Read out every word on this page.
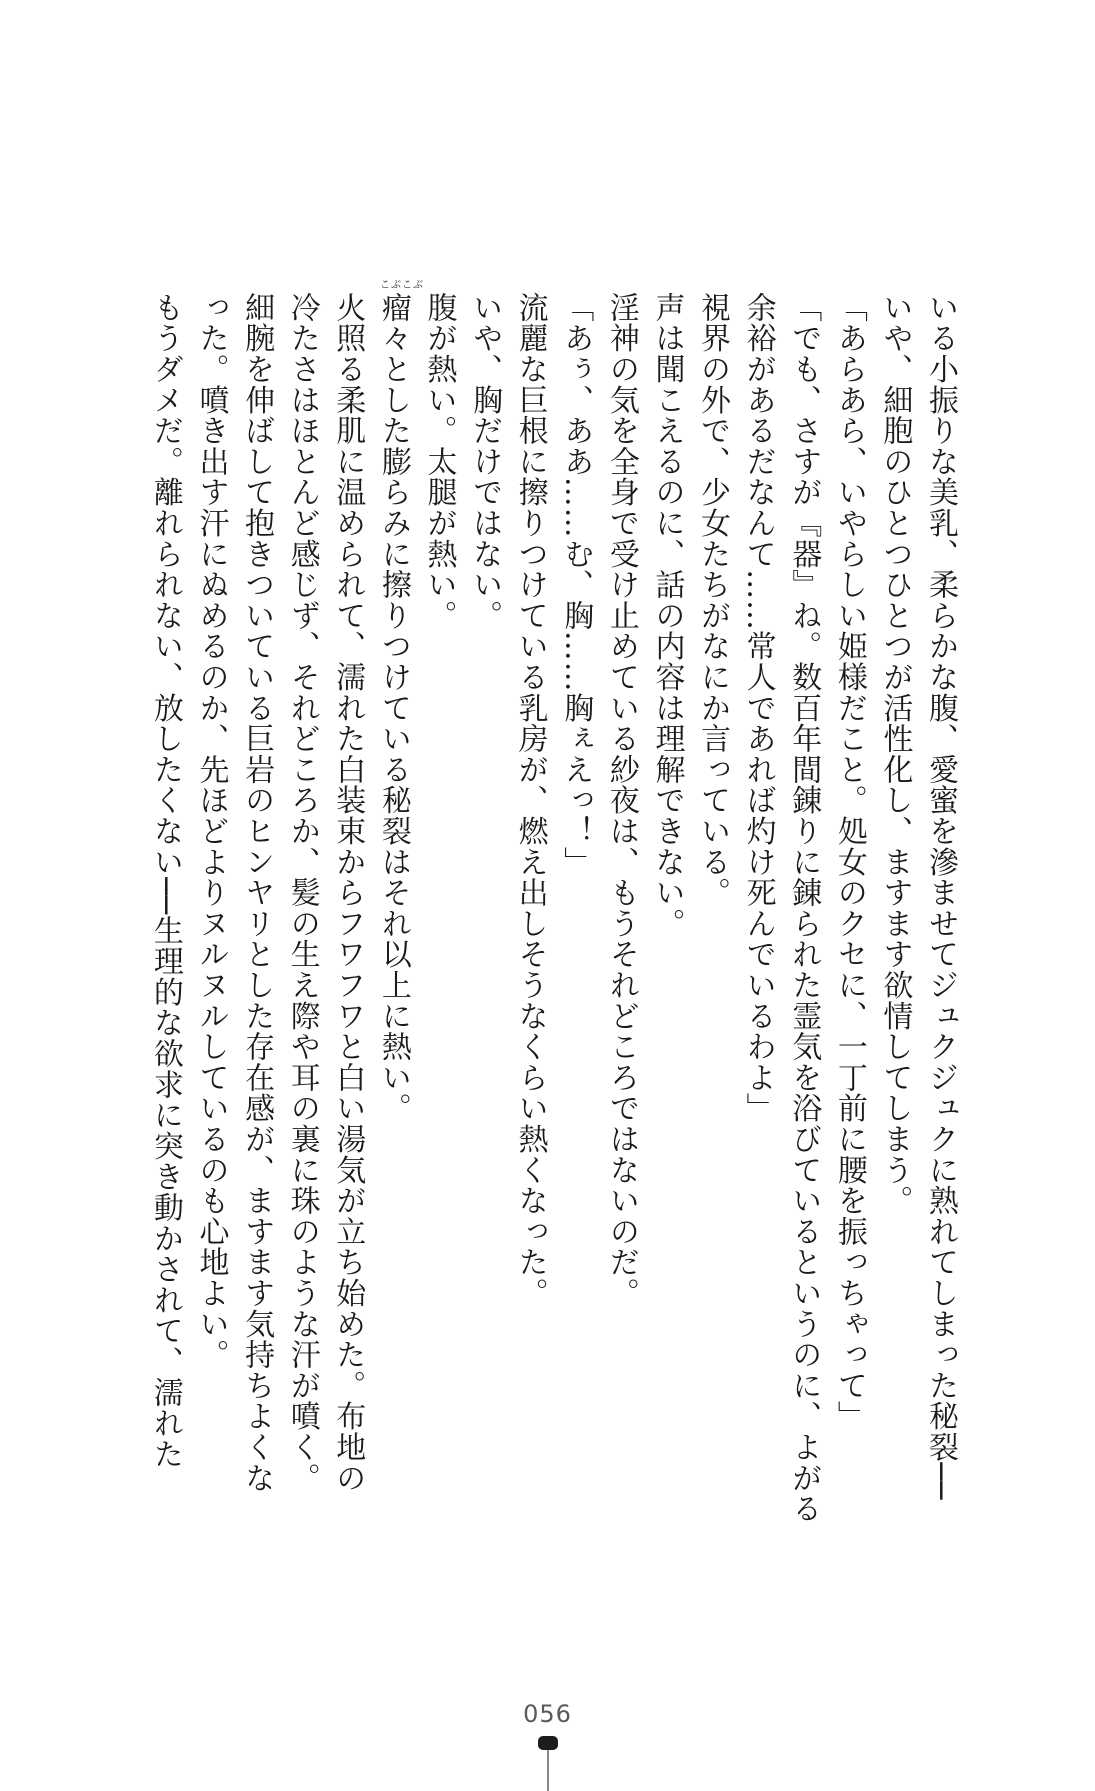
いる小振りな美乳、柔らかな腹、愛蜜を滲ませてジュクジュクに熟れてしまった秘裂──

いや、細胞のひとつひとつが活性化し、ますます欲情してしまう。

「あらあら、いやらしい姫様だこと。処女のクセに、一丁前に腰を振っちゃって」

「でも、さすが『器』ね。数百年間錬りに錬られた霊気を浴びているというのに、よがる

余裕があるだなんて……常人であれば灼け死んでいるわよ」

視界の外で、少女たちがなにか言っている。

声は聞こえるのに、話の内容は理解できない。

淫神の気を全身で受け止めている紗夜は、もうそれどころではないのだ。

「あぅ、ああ……む、胸……胸ぇえっ！」

流麗な巨根に擦りつけている乳房が、燃え出しそうなくらい熱くなった。

いや、胸だけではない。

腹が熱い。太腿が熱い。

瘤々とした膨らみに擦りつけている秘裂はそれ以上に熱い。

火照る柔肌に温められて、濡れた白装束からフワフワと白い湯気が立ち始めた。布地の

冷たさはほとんど感じず、それどころか、髪の生え際や耳の裏に珠のような汗が噴く。

細腕を伸ばして抱きついている巨岩のヒンヤリとした存在感が、ますます気持ちよくな

った。噴き出す汗にぬめるのか、先ほどよりヌルヌルしているのも心地よい。

もうダメだ。離れられない、放したくない──生理的な欲求に突き動かされて、濡れた

こぶこぶ
056
